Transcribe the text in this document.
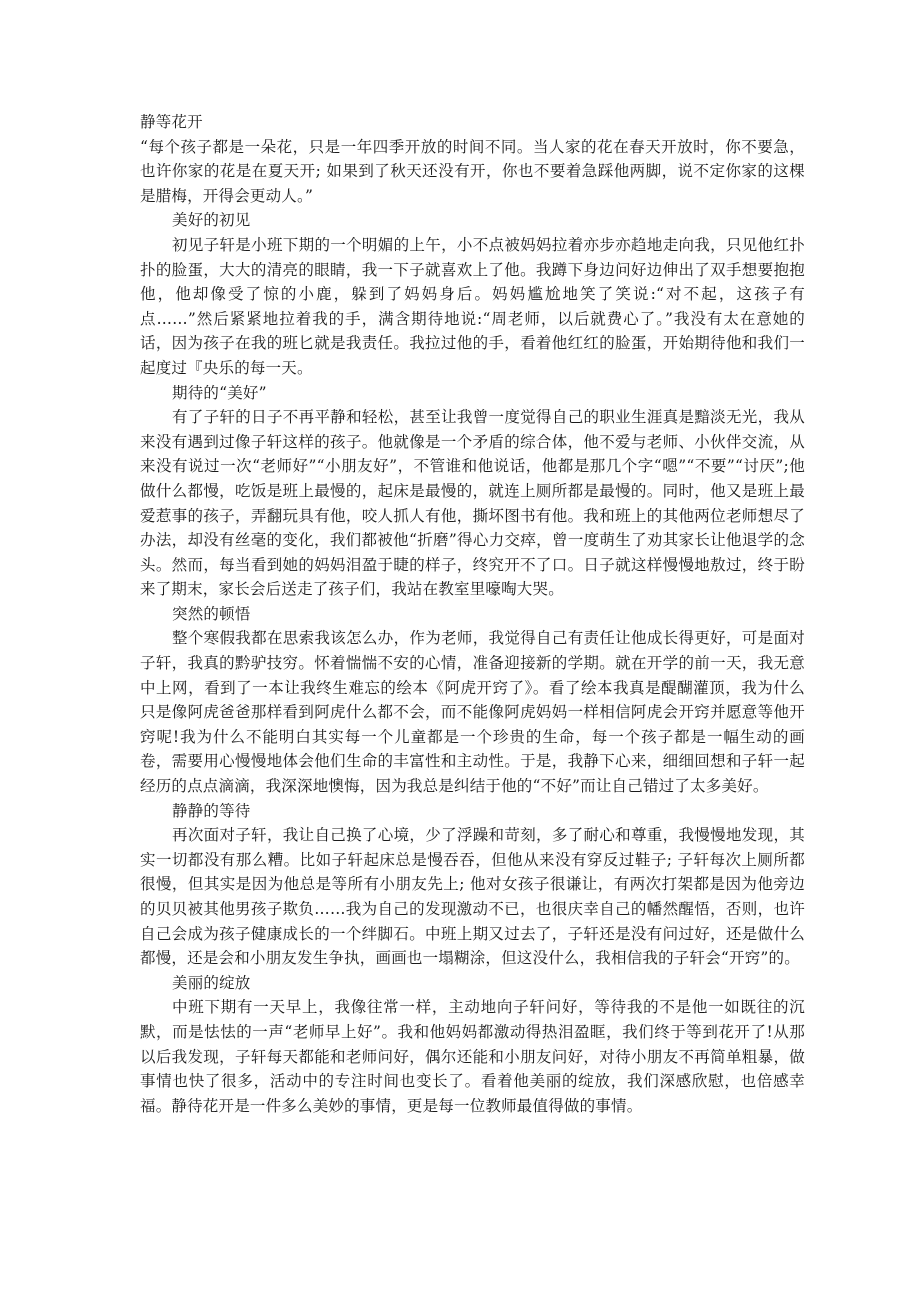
静等花开

“每个孩子都是一朵花，只是一年四季开放的时间不同。当人家的花在春天开放时，你不要急，也许你家的花是在夏天开; 如果到了秋天还没有开，你也不要着急踩他两脚，说不定你家的这棵是腊梅，开得会更动人。”

美好的初见

初见子轩是小班下期的一个明媚的上午，小不点被妈妈拉着亦步亦趋地走向我，只见他红扑扑的脸蛋，大大的清亮的眼睛，我一下子就喜欢上了他。我蹲下身边问好边伸出了双手想要抱抱他，他却像受了惊的小鹿，躲到了妈妈身后。妈妈尴尬地笑了笑说:“对不起，这孩子有点……”然后紧紧地拉着我的手，满含期待地说:“周老师，以后就费心了。”我没有太在意她的话，因为孩子在我的班匕就是我责任。我拉过他的手，看着他红红的脸蛋，开始期待他和我们一起度过『央乐的每一天。

期待的“美好”

有了子轩的日子不再平静和轻松，甚至让我曾一度觉得自己的职业生涯真是黯淡无光，我从来没有遇到过像子轩这样的孩子。他就像是一个矛盾的综合体，他不爱与老师、小伙伴交流，从来没有说过一次“老师好”“小朋友好”，不管谁和他说话，他都是那几个字“嗯”“不要”“讨厌”;他做什么都慢，吃饭是班上最慢的，起床是最慢的，就连上厕所都是最慢的。同时，他又是班上最爱惹事的孩子，弄翻玩具有他，咬人抓人有他，撕坏图书有他。我和班上的其他两位老师想尽了办法，却没有丝毫的变化，我们都被他“折磨”得心力交瘁，曾一度萌生了劝其家长让他退学的念头。然而，每当看到她的妈妈泪盈于睫的样子，终究开不了口。日子就这样慢慢地敖过，终于盼来了期末，家长会后送走了孩子们，我站在教室里嚎啕大哭。

突然的顿悟

整个寒假我都在思索我该怎么办，作为老师，我觉得自己有责任让他成长得更好，可是面对子轩，我真的黔驴技穷。怀着惴惴不安的心情，准备迎接新的学期。就在开学的前一天，我无意中上网，看到了一本让我终生难忘的绘本《阿虎开窍了》。看了绘本我真是醍醐灌顶，我为什么只是像阿虎爸爸那样看到阿虎什么都不会，而不能像阿虎妈妈一样相信阿虎会开窍并愿意等他开窍呢!我为什么不能明白其实每一个儿童都是一个珍贵的生命，每一个孩子都是一幅生动的画卷，需要用心慢慢地体会他们生命的丰富性和主动性。于是，我静下心来，细细回想和子轩一起经历的点点滴滴，我深深地懊悔，因为我总是纠结于他的“不好”而让自己错过了太多美好。

静静的等待

再次面对子轩，我让自己换了心境，少了浮躁和苛刻，多了耐心和尊重，我慢慢地发现，其实一切都没有那么糟。比如子轩起床总是慢吞吞，但他从来没有穿反过鞋子; 子轩每次上厕所都很慢，但其实是因为他总是等所有小朋友先上; 他对女孩子很谦让，有两次打架都是因为他旁边的贝贝被其他男孩子欺负……我为自己的发现激动不已，也很庆幸自己的幡然醒悟，否则，也许自己会成为孩子健康成长的一个绊脚石。中班上期又过去了，子轩还是没有问过好，还是做什么都慢，还是会和小朋友发生争执，画画也一塌糊涂，但这没什么，我相信我的子轩会“开窍”的。

美丽的绽放

中班下期有一天早上，我像往常一样，主动地向子轩问好，等待我的不是他一如既往的沉默，而是怯怯的一声“老师早上好”。我和他妈妈都激动得热泪盈眶，我们终于等到花开了!从那以后我发现，子轩每天都能和老师问好，偶尔还能和小朋友问好，对待小朋友不再简单粗暴，做事情也快了很多，活动中的专注时间也变长了。看着他美丽的绽放，我们深感欣慰，也倍感幸福。静待花开是一件多么美妙的事情，更是每一位教师最值得做的事情。
